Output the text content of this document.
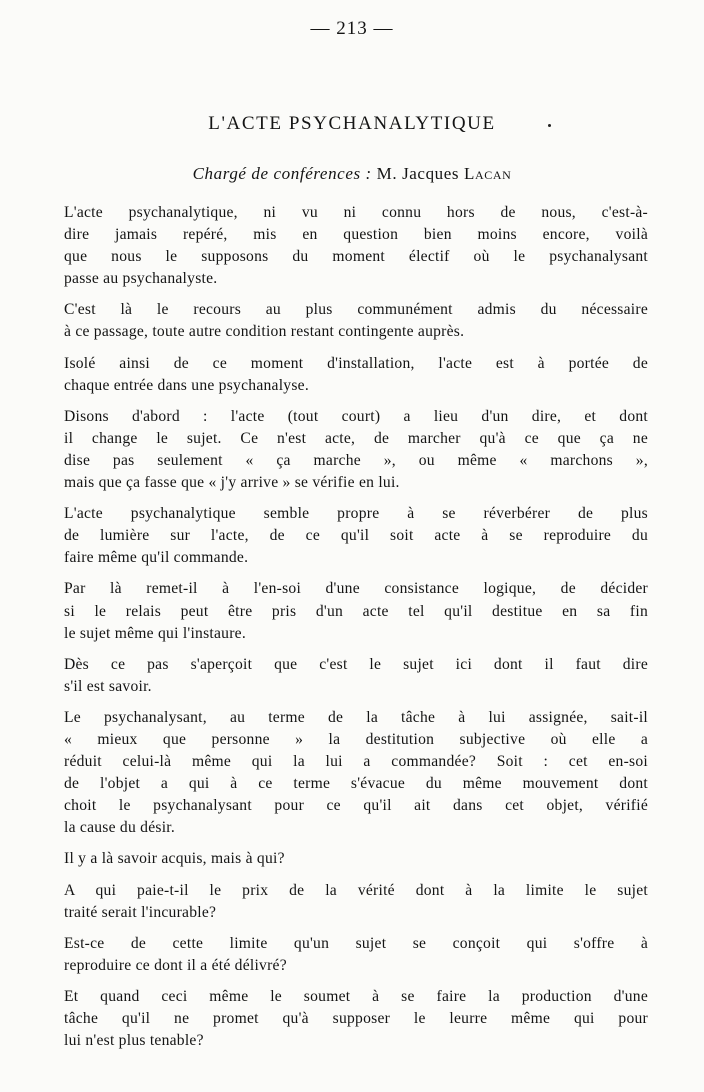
— 213 —
L'ACTE PSYCHANALYTIQUE
Chargé de conférences : M. Jacques Lacan

L'acte psychanalytique, ni vu ni connu hors de nous, c'est-à-
dire jamais repéré, mis en question bien moins encore, voilà
que nous le supposons du moment électif où le psychanalysant
passe au psychanalyste.

C'est là le recours au plus communément admis du nécessaire
à ce passage, toute autre condition restant contingente auprès.

Isolé ainsi de ce moment d'installation, l'acte est à portée de
chaque entrée dans une psychanalyse.

Disons d'abord : l'acte (tout court) a lieu d'un dire, et dont
il change le sujet. Ce n'est acte, de marcher qu'à ce que ça ne
dise pas seulement « ça marche », ou même « marchons »,
mais que ça fasse que « j'y arrive » se vérifie en lui.

L'acte psychanalytique semble propre à se réverbérer de plus
de lumière sur l'acte, de ce qu'il soit acte à se reproduire du
faire même qu'il commande.

Par là remet-il à l'en-soi d'une consistance logique, de décider
si le relais peut être pris d'un acte tel qu'il destitue en sa fin
le sujet même qui l'instaure.

Dès ce pas s'aperçoit que c'est le sujet ici dont il faut dire
s'il est savoir.

Le psychanalysant, au terme de la tâche à lui assignée, sait-il
« mieux que personne » la destitution subjective où elle a
réduit celui-là même qui la lui a commandée? Soit : cet en-soi
de l'objet a qui à ce terme s'évacue du même mouvement dont
choit le psychanalysant pour ce qu'il ait dans cet objet, vérifié
la cause du désir.

Il y a là savoir acquis, mais à qui?

A qui paie-t-il le prix de la vérité dont à la limite le sujet
traité serait l'incurable?

Est-ce de cette limite qu'un sujet se conçoit qui s'offre à
reproduire ce dont il a été délivré?

Et quand ceci même le soumet à se faire la production d'une
tâche qu'il ne promet qu'à supposer le leurre même qui pour
lui n'est plus tenable?
